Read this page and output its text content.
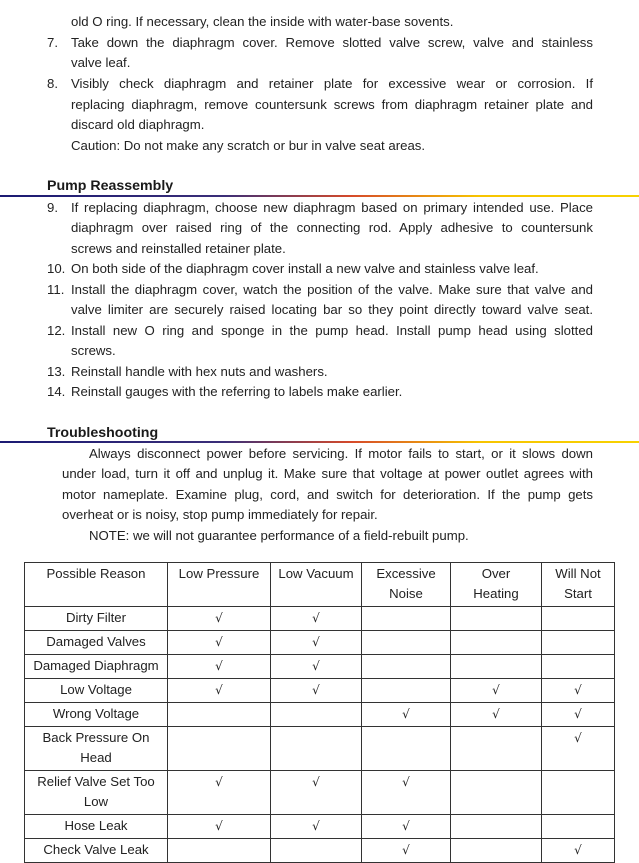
old O ring. If necessary, clean the inside with water-base sovents.
7. Take down the diaphragm cover. Remove slotted valve screw, valve and stainless
valve leaf.
8. Visibly check diaphragm and retainer plate for excessive wear or corrosion. If
replacing diaphragm, remove countersunk screws from diaphragm retainer plate and
discard old diaphragm.
Caution: Do not make any scratch or bur in valve seat areas.
Pump Reassembly
9. If replacing diaphragm, choose new diaphragm based on primary intended use. Place
diaphragm over raised ring of the connecting rod. Apply adhesive to countersunk
screws and reinstalled retainer plate.
10. On both side of the diaphragm cover install a new valve and stainless valve leaf.
11. Install the diaphragm cover, watch the position of the valve. Make sure that valve and
valve limiter are securely raised locating bar so they point directly toward valve seat.
12. Install new O ring and sponge in the pump head. Install pump head using slotted
screws.
13. Reinstall handle with hex nuts and washers.
14. Reinstall gauges with the referring to labels make earlier.
Troubleshooting
Always disconnect power before servicing. If motor fails to start, or it slows down
under load, turn it off and unplug it. Make sure that voltage at power outlet agrees with
motor nameplate. Examine plug, cord, and switch for deterioration. If the pump gets
overheat or is noisy, stop pump immediately for repair.
NOTE: we will not guarantee performance of a field-rebuilt pump.
Possible Reason	Low Pressure	Low Vacuum	Excessive
Noise	Over
Heating	Will Not
Start
Dirty Filter	√	√			
Damaged Valves	√	√			
Damaged Diaphragm	√	√			
Low Voltage	√	√		√	√
Wrong Voltage			√	√	√
Back Pressure On
Head					√
Relief Valve Set Too
Low	√	√	√		
Hose Leak	√	√	√		
Check Valve Leak			√		√
